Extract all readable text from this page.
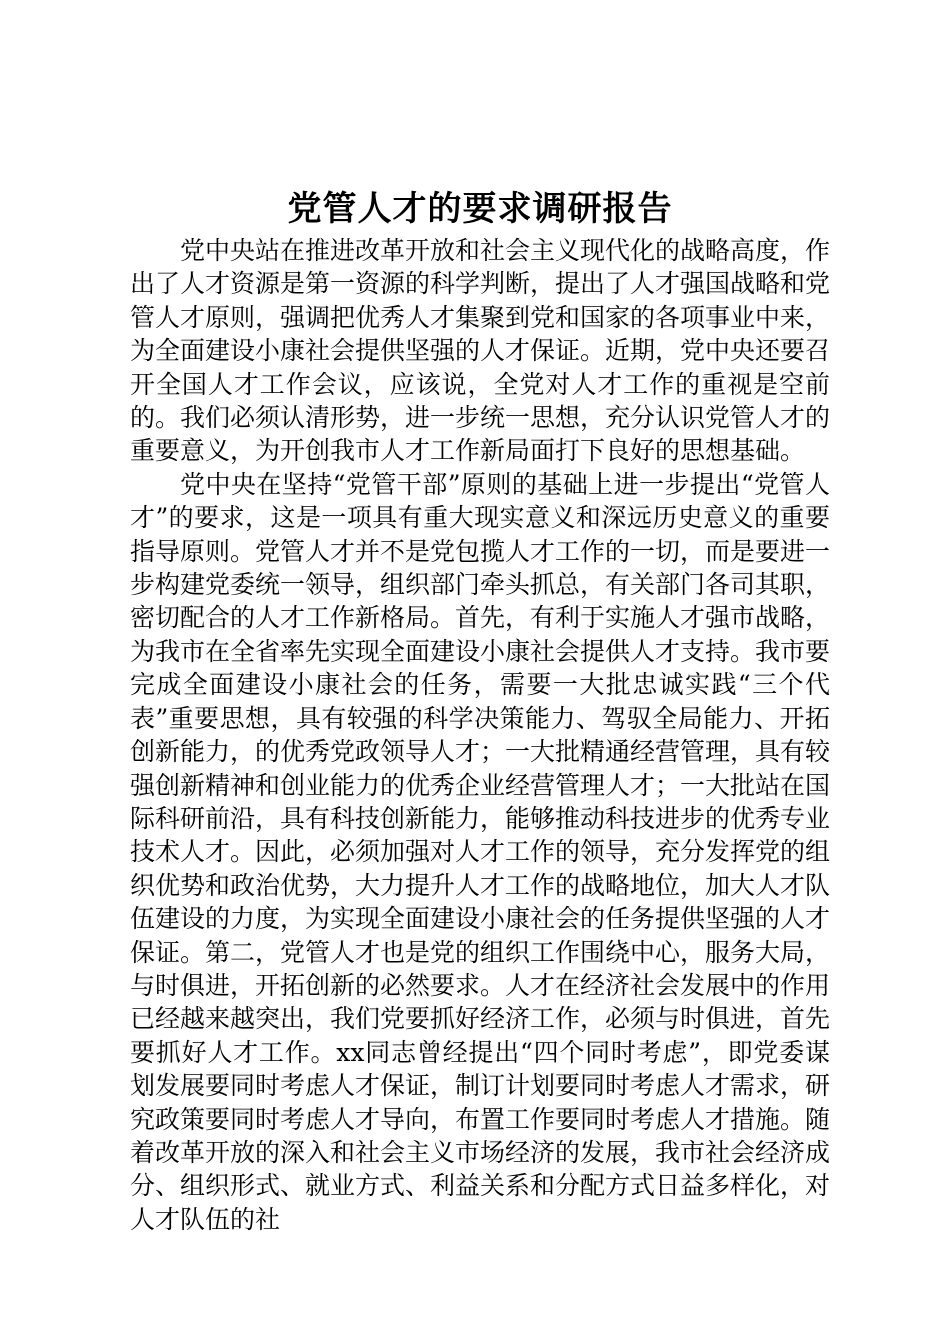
党管人才的要求调研报告

党中央站在推进改革开放和社会主义现代化的战略高度，作出了人才资源是第一资源的科学判断，提出了人才强国战略和党管人才原则，强调把优秀人才集聚到党和国家的各项事业中来，为全面建设小康社会提供坚强的人才保证。近期，党中央还要召开全国人才工作会议，应该说，全党对人才工作的重视是空前的。我们必须认清形势，进一步统一思想，充分认识党管人才的重要意义，为开创我市人才工作新局面打下良好的思想基础。

党中央在坚持“党管干部”原则的基础上进一步提出“党管人才”的要求，这是一项具有重大现实意义和深远历史意义的重要指导原则。党管人才并不是党包揽人才工作的一切，而是要进一步构建党委统一领导，组织部门牵头抓总，有关部门各司其职，密切配合的人才工作新格局。首先，有利于实施人才强市战略，为我市在全省率先实现全面建设小康社会提供人才支持。我市要完成全面建设小康社会的任务，需要一大批忠诚实践“三个代表”重要思想，具有较强的科学决策能力、驾驭全局能力、开拓创新能力，的优秀党政领导人才；一大批精通经营管理，具有较强创新精神和创业能力的优秀企业经营管理人才；一大批站在国际科研前沿，具有科技创新能力，能够推动科技进步的优秀专业技术人才。因此，必须加强对人才工作的领导，充分发挥党的组织优势和政治优势，大力提升人才工作的战略地位，加大人才队伍建设的力度，为实现全面建设小康社会的任务提供坚强的人才保证。第二，党管人才也是党的组织工作围绕中心，服务大局，与时俱进，开拓创新的必然要求。人才在经济社会发展中的作用已经越来越突出，我们党要抓好经济工作，必须与时俱进，首先要抓好人才工作。xx同志曾经提出“四个同时考虑”，即党委谋划发展要同时考虑人才保证，制订计划要同时考虑人才需求，研究政策要同时考虑人才导向，布置工作要同时考虑人才措施。随着改革开放的深入和社会主义市场经济的发展，我市社会经济成分、组织形式、就业方式、利益关系和分配方式日益多样化，对人才队伍的社
